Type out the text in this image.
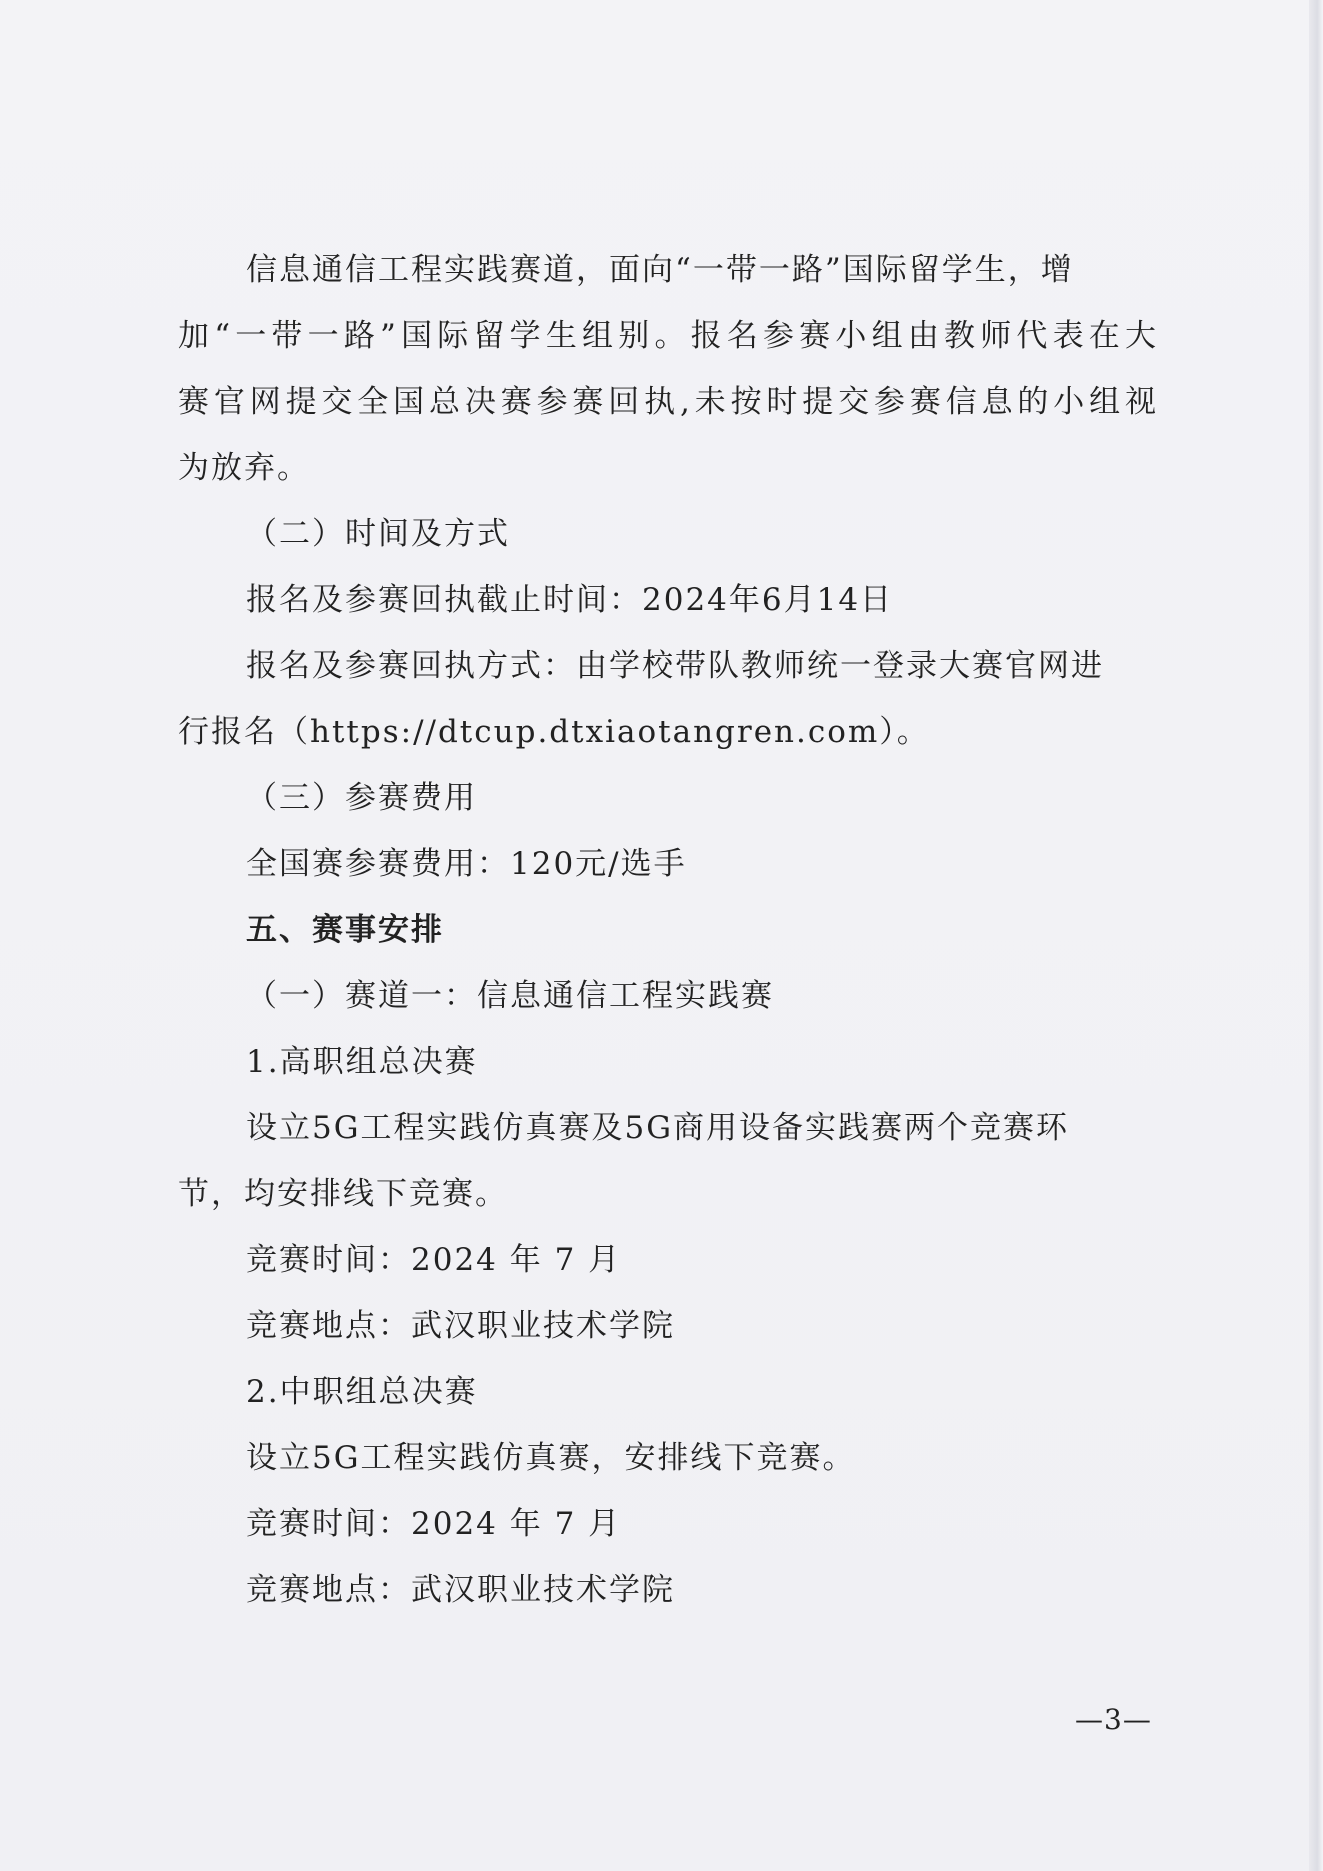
信息通信工程实践赛道，面向“一带一路”国际留学生，增
加“一带一路”国际留学生组别。报名参赛小组由教师代表在大
赛官网提交全国总决赛参赛回执,未按时提交参赛信息的小组视
为放弃。
（二）时间及方式
报名及参赛回执截止时间：2024年6月14日
报名及参赛回执方式：由学校带队教师统一登录大赛官网进
行报名（https://dtcup.dtxiaotangren.com）。
（三）参赛费用
全国赛参赛费用：120元/选手
五、赛事安排
（一）赛道一：信息通信工程实践赛
1.高职组总决赛
设立5G工程实践仿真赛及5G商用设备实践赛两个竞赛环
节，均安排线下竞赛。
竞赛时间：2024 年 7 月
竞赛地点：武汉职业技术学院
2.中职组总决赛
设立5G工程实践仿真赛，安排线下竞赛。
竞赛时间：2024 年 7 月
竞赛地点：武汉职业技术学院
—3—
